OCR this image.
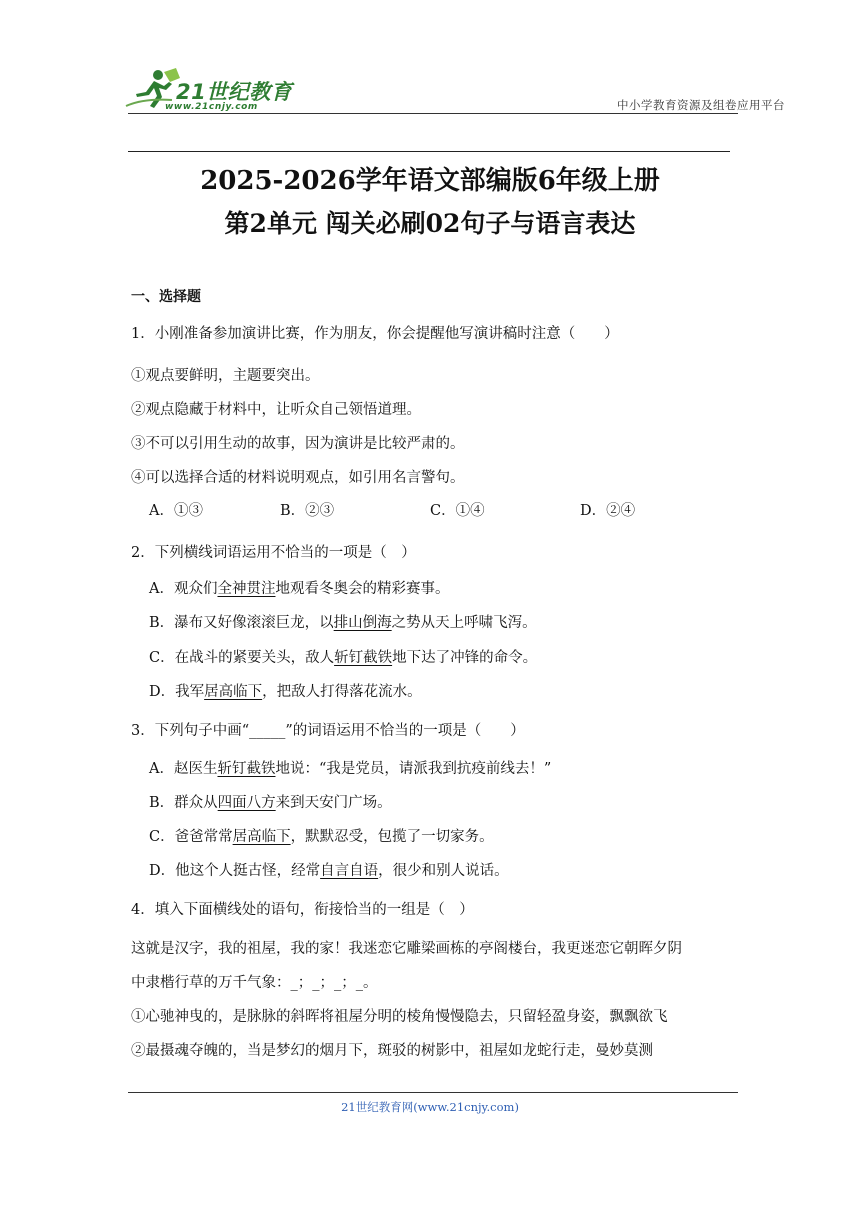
21世纪教育
www.21cnjy.com	中小学教育资源及组卷应用平台
2025-2026学年语文部编版6年级上册
第2单元 闯关必刷02句子与语言表达
一、选择题
1．小刚准备参加演讲比赛，作为朋友，你会提醒他写演讲稿时注意（　　）
①观点要鲜明，主题要突出。
②观点隐藏于材料中，让听众自己领悟道理。
③不可以引用生动的故事，因为演讲是比较严肃的。
④可以选择合适的材料说明观点，如引用名言警句。
A．①③	B．②③	C．①④	D．②④
2．下列横线词语运用不恰当的一项是（　）
A．观众们全神贯注地观看冬奥会的精彩赛事。
B．瀑布又好像滚滚巨龙，以排山倒海之势从天上呼啸飞泻。
C．在战斗的紧要关头，敌人斩钉截铁地下达了冲锋的命令。
D．我军居高临下，把敌人打得落花流水。
3．下列句子中画“_____”的词语运用不恰当的一项是（　　）
A．赵医生斩钉截铁地说：“我是党员，请派我到抗疫前线去！”
B．群众从四面八方来到天安门广场。
C．爸爸常常居高临下，默默忍受，包揽了一切家务。
D．他这个人挺古怪，经常自言自语，很少和别人说话。
4．填入下面横线处的语句，衔接恰当的一组是（　）
这就是汉字，我的祖屋，我的家！我迷恋它雕梁画栋的亭阁楼台，我更迷恋它朝晖夕阴
中隶楷行草的万千气象：_；_；_；_。
①心驰神曳的，是脉脉的斜晖将祖屋分明的棱角慢慢隐去，只留轻盈身姿，飘飘欲飞
②最摄魂夺魄的，当是梦幻的烟月下，斑驳的树影中，祖屋如龙蛇行走，曼妙莫测
21世纪教育网(www.21cnjy.com)
